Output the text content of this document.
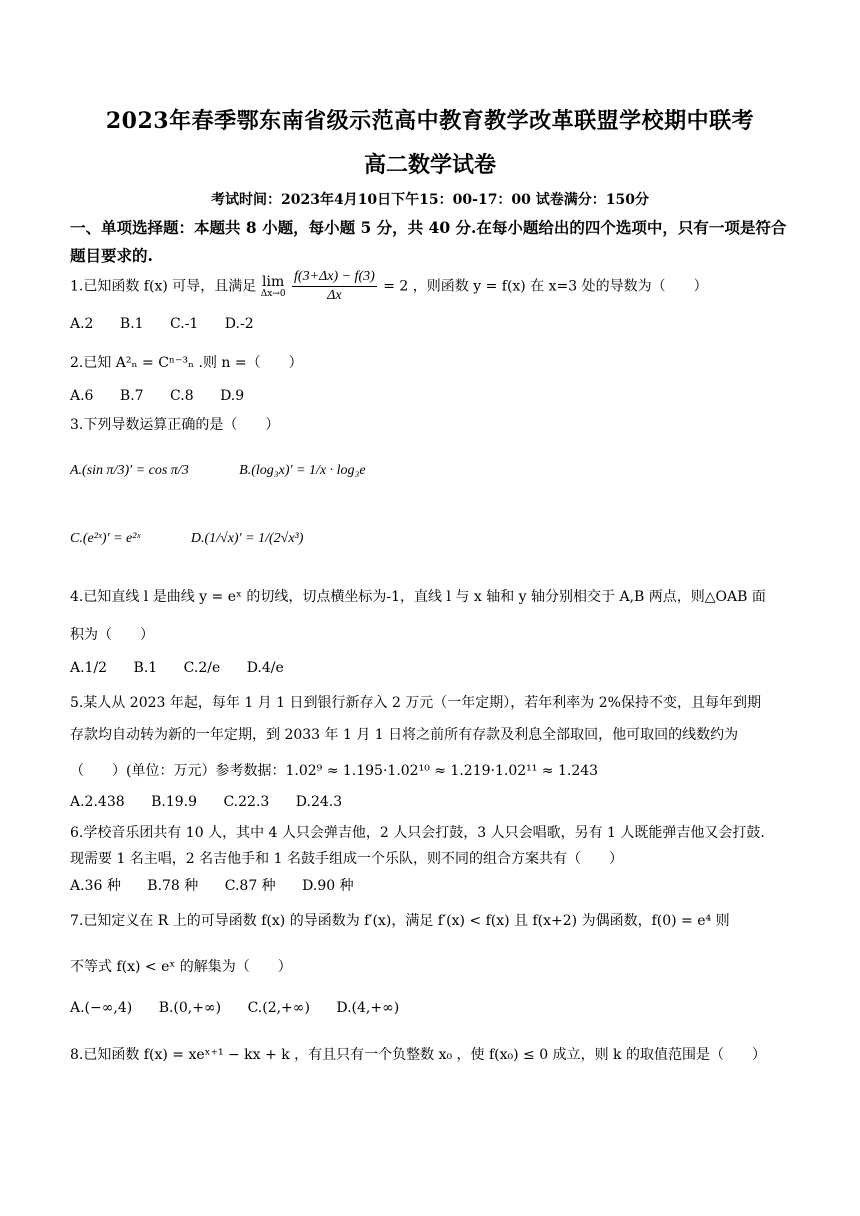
2023年春季鄂东南省级示范高中教育教学改革联盟学校期中联考
高二数学试卷
考试时间：2023年4月10日下午15：00-17：00 试卷满分：150分
一、单项选择题：本题共 8 小题，每小题 5 分，共 40 分.在每小题给出的四个选项中，只有一项是符合题目要求的.
1.已知函数 f(x) 可导，且满足 lim
Δx→0
$\frac{f(3+\Delta x) - f(3)}{\Delta x} = 2$ ，则函数 y = f(x) 在 x=3 处的导数为（　　）
A.2 B.1 C.-1 D.-2
2.已知 A²ₙ = Cⁿ⁻³ₙ .则 n =（　　）
A.6 B.7 C.8 D.9
3.下列导数运算正确的是（　　）
A.(sin π/3)′ = cos π/3	B.(log₃x)′ = 1/x · log₃e
C.(e²ˣ)′ = e²ˣ	D.(1/√x)′ = 1/(2√x³)
4.已知直线 l 是曲线 y = eˣ 的切线，切点横坐标为-1，直线 l 与 x 轴和 y 轴分别相交于 A,B 两点，则△OAB 面
积为（　　）
A.1/2 B.1 C.2/e D.4/e
5.某人从 2023 年起，每年 1 月 1 日到银行新存入 2 万元（一年定期），若年利率为 2%保持不变，且每年到期
存款均自动转为新的一年定期，到 2033 年 1 月 1 日将之前所有存款及利息全部取回，他可取回的线数约为
（　　）(单位：万元）参考数据：1.02⁹ ≈ 1.195·1.02¹⁰ ≈ 1.219·1.02¹¹ ≈ 1.243
A.2.438 B.19.9 C.22.3 D.24.3
6.学校音乐团共有 10 人，其中 4 人只会弹吉他，2 人只会打鼓，3 人只会唱歌，另有 1 人既能弹吉他又会打鼓.
现需要 1 名主唱，2 名吉他手和 1 名鼓手组成一个乐队，则不同的组合方案共有（　　）
A.36 种 B.78 种 C.87 种 D.90 种
7.已知定义在 R 上的可导函数 f(x) 的导函数为 f′(x)，满足 f′(x) < f(x) 且 f(x+2) 为偶函数，f(0) = e⁴ 则
不等式 f(x) < eˣ 的解集为（　　）
A.(−∞,4) B.(0,+∞) C.(2,+∞) D.(4,+∞)
8.已知函数 f(x) = xeˣ⁺¹ − kx + k ，有且只有一个负整数 x₀ ，使 f(x₀) ≤ 0 成立，则 k 的取值范围是（　　）
